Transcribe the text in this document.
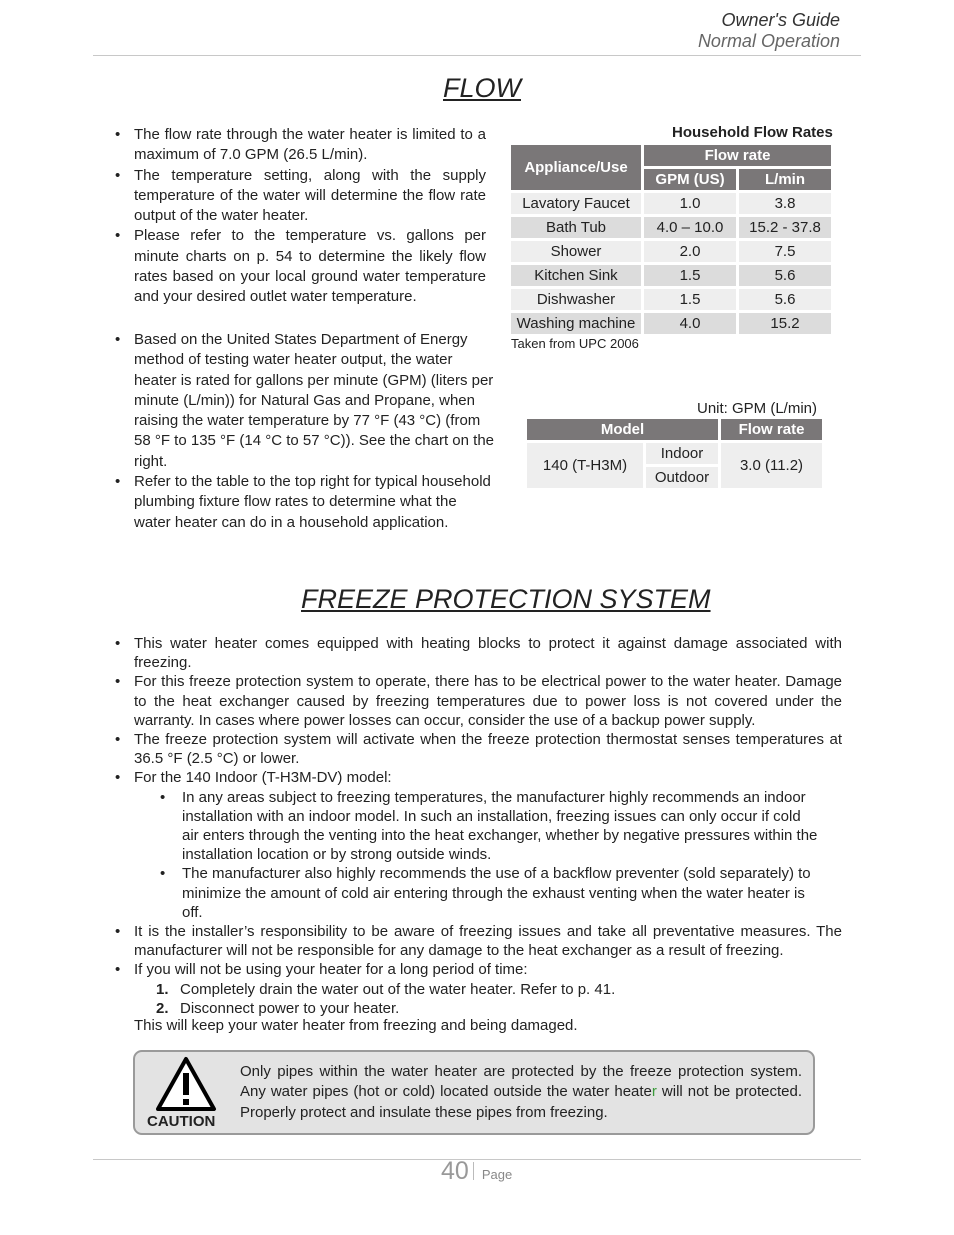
Owner's Guide
Normal Operation
FLOW
• The flow rate through the water heater is limited to a maximum of 7.0 GPM (26.5 L/min).
• The temperature setting, along with the supply temperature of the water will determine the flow rate output of the water heater.
• Please refer to the temperature vs. gallons per minute charts on p. 54 to determine the likely flow rates based on your local ground water temperature and your desired outlet water temperature.
• Based on the United States Department of Energy method of testing water heater output, the water heater is rated for gallons per minute (GPM) (liters per minute (L/min)) for Natural Gas and Propane, when raising the water temperature by 77 °F (43 °C) (from 58 °F to 135 °F (14 °C to 57 °C)). See the chart on the right.
• Refer to the table to the top right for typical household plumbing fixture flow rates to determine what the water heater can do in a household application.
Household Flow Rates
Appliance/Use	Flow rate	
	GPM (US)	L/min
Lavatory Faucet	1.0	3.8
Bath Tub	4.0 – 10.0	15.2 - 37.8
Shower	2.0	7.5
Kitchen Sink	1.5	5.6
Dishwasher	1.5	5.6
Washing machine	4.0	15.2
Taken from UPC 2006
Unit: GPM (L/min)
Model		Flow rate
140 (T-H3M)	Indoor	3.0 (11.2)
	Outdoor	
FREEZE PROTECTION SYSTEM
• This water heater comes equipped with heating blocks to protect it against damage associated with freezing.
• For this freeze protection system to operate, there has to be electrical power to the water heater. Damage to the heat exchanger caused by freezing temperatures due to power loss is not covered under the warranty. In cases where power losses can occur, consider the use of a backup power supply.
• The freeze protection system will activate when the freeze protection thermostat senses temperatures at 36.5 °F (2.5 °C) or lower.
• For the 140 Indoor (T-H3M-DV) model:
• In any areas subject to freezing temperatures, the manufacturer highly recommends an indoor installation with an indoor model. In such an installation, freezing issues can only occur if cold air enters through the venting into the heat exchanger, whether by negative pressures within the installation location or by strong outside winds.
• The manufacturer also highly recommends the use of a backflow preventer (sold separately) to minimize the amount of cold air entering through the exhaust venting when the water heater is off.
• It is the installer’s responsibility to be aware of freezing issues and take all preventative measures. The manufacturer will not be responsible for any damage to the heat exchanger as a result of freezing.
• If you will not be using your heater for a long period of time:
1. Completely drain the water out of the water heater. Refer to p. 41.
2. Disconnect power to your heater.
This will keep your water heater from freezing and being damaged.
CAUTION
Only pipes within the water heater are protected by the freeze protection system. Any water pipes (hot or cold) located outside the water heater will not be protected. Properly protect and insulate these pipes from freezing.
40 Page
